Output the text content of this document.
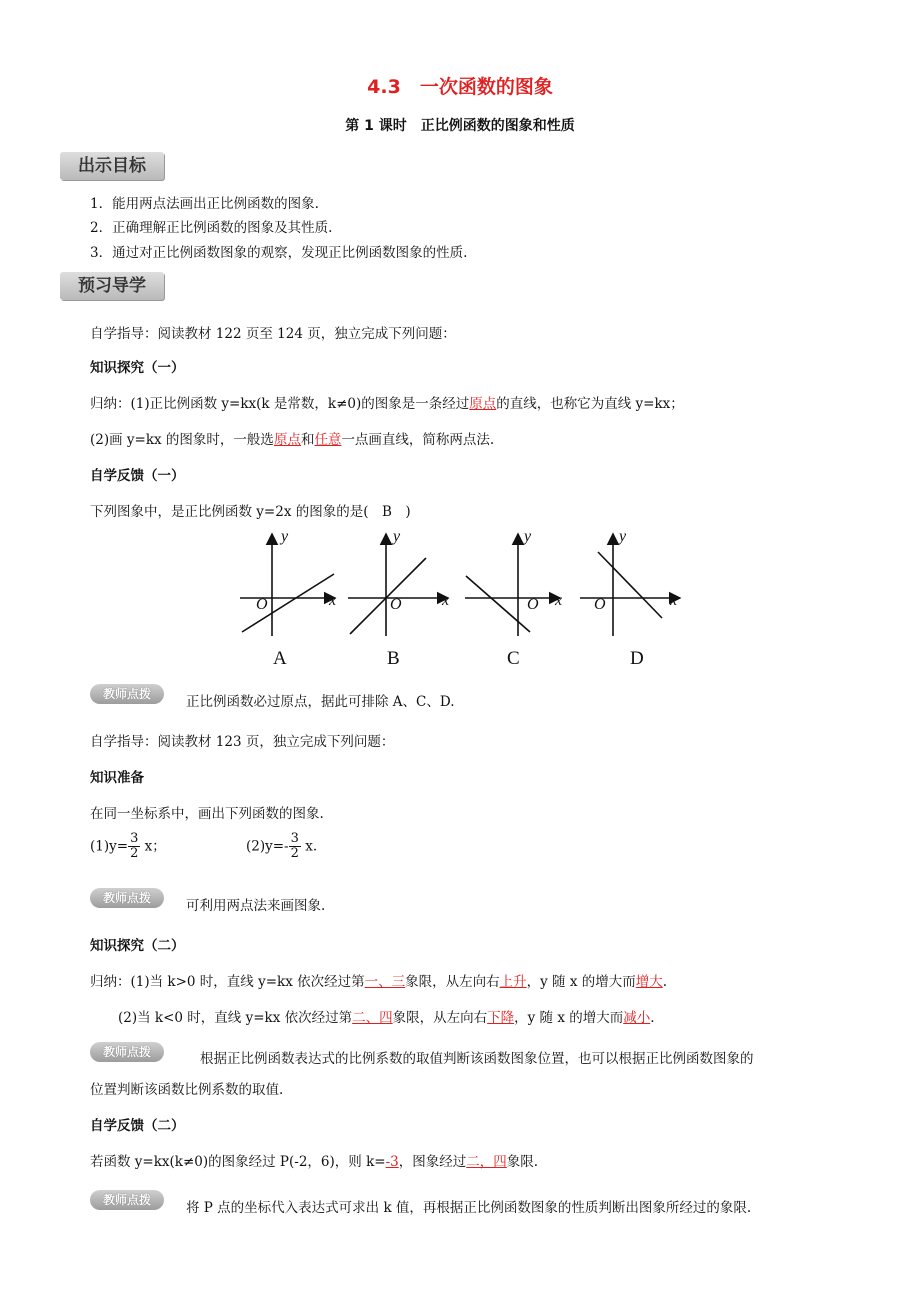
4.3　一次函数的图象
第 1 课时　正比例函数的图象和性质
出示目标
1．能用两点法画出正比例函数的图象.
2．正确理解正比例函数的图象及其性质.
3．通过对正比例函数图象的观察，发现正比例函数图象的性质.
预习导学
自学指导：阅读教材 122 页至 124 页，独立完成下列问题：
知识探究（一）
归纳：(1)正比例函数 y=kx(k 是常数，k≠0)的图象是一条经过原点的直线，也称它为直线 y=kx；
(2)画 y=kx 的图象时，一般选原点和任意一点画直线，简称两点法.
自学反馈（一）
下列图象中，是正比例函数 y=2x 的图象的是(　B　)
y
x
O
y
x
O
y
x
O
y
x
O
A	B	C	D
教师点拨	正比例函数必过原点，据此可排除 A、C、D.
自学指导：阅读教材 123 页，独立完成下列问题：
知识准备
在同一坐标系中，画出下列函数的图象.
$(1)y= \frac{3}{2}$ x；	$(2)y=- \frac{3}{2} x$.
教师点拨	可利用两点法来画图象.
知识探究（二）
归纳：(1)当 k>0 时，直线 y=kx 依次经过第一、三象限，从左向右上升，y 随 x 的增大而增大.
(2)当 k<0 时，直线 y=kx 依次经过第二、四象限，从左向右下降，y 随 x 的增大而减小.
教师点拨	根据正比例函数表达式的比例系数的取值判断该函数图象位置，也可以根据正比例函数图象的
位置判断该函数比例系数的取值.
自学反馈（二）
若函数 y=kx(k≠0)的图象经过 P(-2，6)，则 k=-3，图象经过二，四象限.
教师点拨	将 P 点的坐标代入表达式可求出 k 值，再根据正比例函数图象的性质判断出图象所经过的象限.
